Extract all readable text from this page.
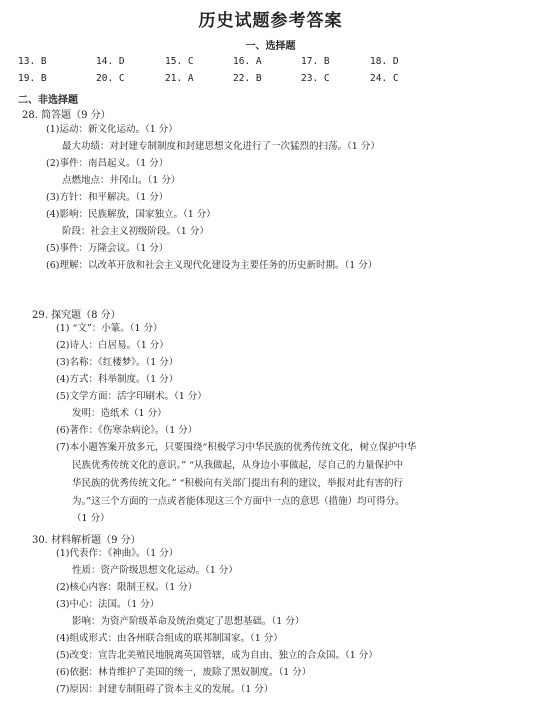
历史试题参考答案
一、选择题
13. B	14. D	15. C	16. A	17. B	18. D
19. B	20. C	21. A	22. B	23. C	24. C
二、非选择题
28. 简答题（9 分）
(1)运动：新文化运动。（1 分）
最大功绩：对封建专制制度和封建思想文化进行了一次猛烈的扫荡。（1 分）
(2)事件：南昌起义。（1 分）
点燃地点：井冈山。（1 分）
(3)方针：和平解决。（1 分）
(4)影响：民族解放，国家独立。（1 分）
阶段：社会主义初级阶段。（1 分）
(5)事件：万隆会议。（1 分）
(6)理解：以改革开放和社会主义现代化建设为主要任务的历史新时期。（1 分）
29. 探究题（8 分）
(1) “文”：小篆。（1 分）
(2)诗人：白居易。（1 分）
(3)名称：《红楼梦》。（1 分）
(4)方式：科举制度。（1 分）
(5)文学方面：活字印刷术。（1 分）
发明：造纸术（1 分）
(6)著作：《伤寒杂病论》。（1 分）
(7)本小题答案开放多元，只要围绕“积极学习中华民族的优秀传统文化，树立保护中华
民族优秀传统文化的意识。” “从我做起，从身边小事做起，尽自己的力量保护中
华民族的优秀传统文化。” “积极向有关部门提出有利的建议，举报对此有害的行
为。”这三个方面的一点或者能体现这三个方面中一点的意思（措施）均可得分。
（1 分）
30. 材料解析题（9 分）
(1)代表作：《神曲》。（1 分）
性质：资产阶级思想文化运动。（1 分）
(2)核心内容：限制王权。（1 分）
(3)中心：法国。（1 分）
影响：为资产阶级革命及统治奠定了思想基础。（1 分）
(4)组成形式：由各州联合组成的联邦制国家。（1 分）
(5)改变：宣告北美殖民地脱离英国管辖，成为自由、独立的合众国。（1 分）
(6)依据：林肯维护了美国的统一，废除了黑奴制度。（1 分）
(7)原因：封建专制阻碍了资本主义的发展。（1 分）
